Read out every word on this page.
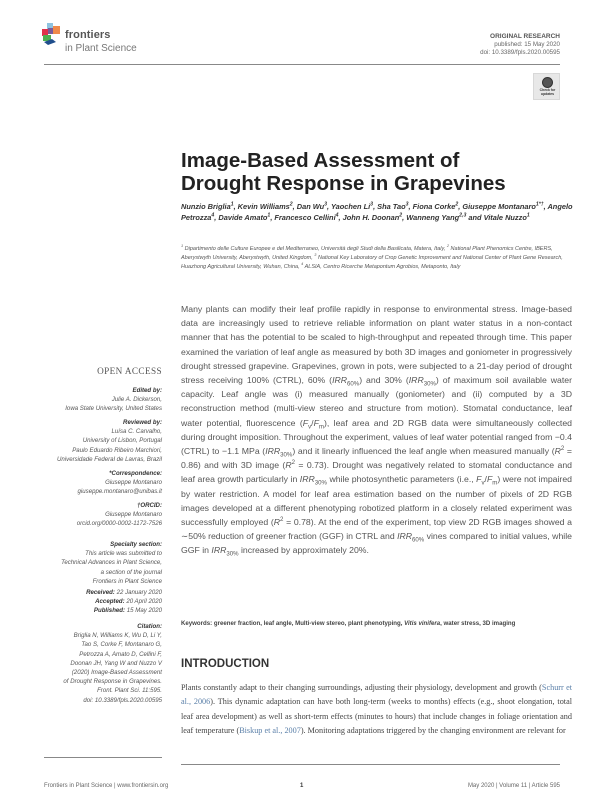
frontiers
in Plant Science
ORIGINAL RESEARCH
published: 15 May 2020
doi: 10.3389/fpls.2020.00595
Check for updates
Image-Based Assessment of
Drought Response in Grapevines
Nunzio Briglia$^1$, Kevin Williams$^2$, Dan Wu$^3$, Yaochen Li$^3$, Sha Tao$^3$, Fiona Corke$^2$, Giuseppe Montanaro$^{1*\dagger}$, Angelo Petrozza$^4$, Davide Amato$^1$, Francesco Cellini$^4$, John H. Doonan$^2$, Wanneng Yang$^{2,3}$ and Vitale Nuzzo$^1$
$^1$ Dipartimento delle Culture Europee e del Mediterraneo, Università degli Studi della Basilicata, Matera, Italy, $^2$ National Plant Phenomics Centre, IBERS, Aberystwyth University, Aberystwyth, United Kingdom, $^3$ National Key Laboratory of Crop Genetic Improvement and National Center of Plant Gene Research, Huazhong Agricultural University, Wuhan, China, $^4$ ALSIA, Centro Ricerche Metapontum Agrobios, Metaponto, Italy
Many plants can modify their leaf profile rapidly in response to environmental stress. Image-based data are increasingly used to retrieve reliable information on plant water status in a non-contact manner that has the potential to be scaled to high-throughput and repeated through time. This paper examined the variation of leaf angle as measured by both 3D images and goniometer in progressively drought stressed grapevine. Grapevines, grown in pots, were subjected to a 21-day period of drought stress receiving 100% (CTRL), 60% $(IRR_{60\%})$ and 30% $(IRR_{30\%})$ of maximum soil available water capacity. Leaf angle was (i) measured manually (goniometer) and (ii) computed by a 3D reconstruction method (multi-view stereo and structure from motion). Stomatal conductance, leaf water potential, fluorescence $(F_v/F_m)$, leaf area and 2D RGB data were simultaneously collected during drought imposition. Throughout the experiment, values of leaf water potential ranged from −0.4 (CTRL) to −1.1 MPa $(IRR_{30\%})$ and it linearly influenced the leaf angle when measured manually $(R^2 = 0.86)$ and with 3D image $(R^2 = 0.73)$. Drought was negatively related to stomatal conductance and leaf area growth particularly in $IRR_{30\%}$ while photosynthetic parameters (i.e., $F_v/F_m$) were not impaired by water restriction. A model for leaf area estimation based on the number of pixels of 2D RGB images developed at a different phenotyping robotized platform in a closely related experiment was successfully employed $(R^2 = 0.78)$. At the end of the experiment, top view 2D RGB images showed a ∼50% reduction of greener fraction (GGF) in CTRL and $IRR_{60\%}$ vines compared to initial values, while GGF in $IRR_{30\%}$ increased by approximately 20%.
Keywords: greener fraction, leaf angle, Multi-view stereo, plant phenotyping, Vitis vinifera, water stress, 3D imaging
INTRODUCTION
Plants constantly adapt to their changing surroundings, adjusting their physiology, development and growth (Schurr et al., 2006). This dynamic adaptation can have both long-term (weeks to months) effects (e.g., shoot elongation, total leaf area development) as well as short-term effects (minutes to hours) that include changes in foliage orientation and leaf temperature (Biskup et al., 2007). Monitoring adaptations triggered by the changing environment are relevant for
OPEN ACCESS
Edited by:
Julie A. Dickerson,
Iowa State University, United States
Reviewed by:
Luísa C. Carvalho,
University of Lisbon, Portugal
Paulo Eduardo Ribeiro Marchiori,
Universidade Federal de Lavras, Brazil
*Correspondence:
Giuseppe Montanaro
giuseppe.montanaro@unibas.it
†ORCID:
Giuseppe Montanaro
orcid.org/0000-0002-1172-7526
Specialty section:
This article was submitted to
Technical Advances in Plant Science,
a section of the journal
Frontiers in Plant Science
Received: 22 January 2020
Accepted: 20 April 2020
Published: 15 May 2020
Citation:
Briglia N, Williams K, Wu D, Li Y,
Tao S, Corke F, Montanaro G,
Petrozza A, Amato D, Cellini F,
Doonan JH, Yang W and Nuzzo V
(2020) Image-Based Assessment
of Drought Response in Grapevines.
Front. Plant Sci. 11:595.
doi: 10.3389/fpls.2020.00595
Frontiers in Plant Science | www.frontiersin.org	1	May 2020 | Volume 11 | Article 595
